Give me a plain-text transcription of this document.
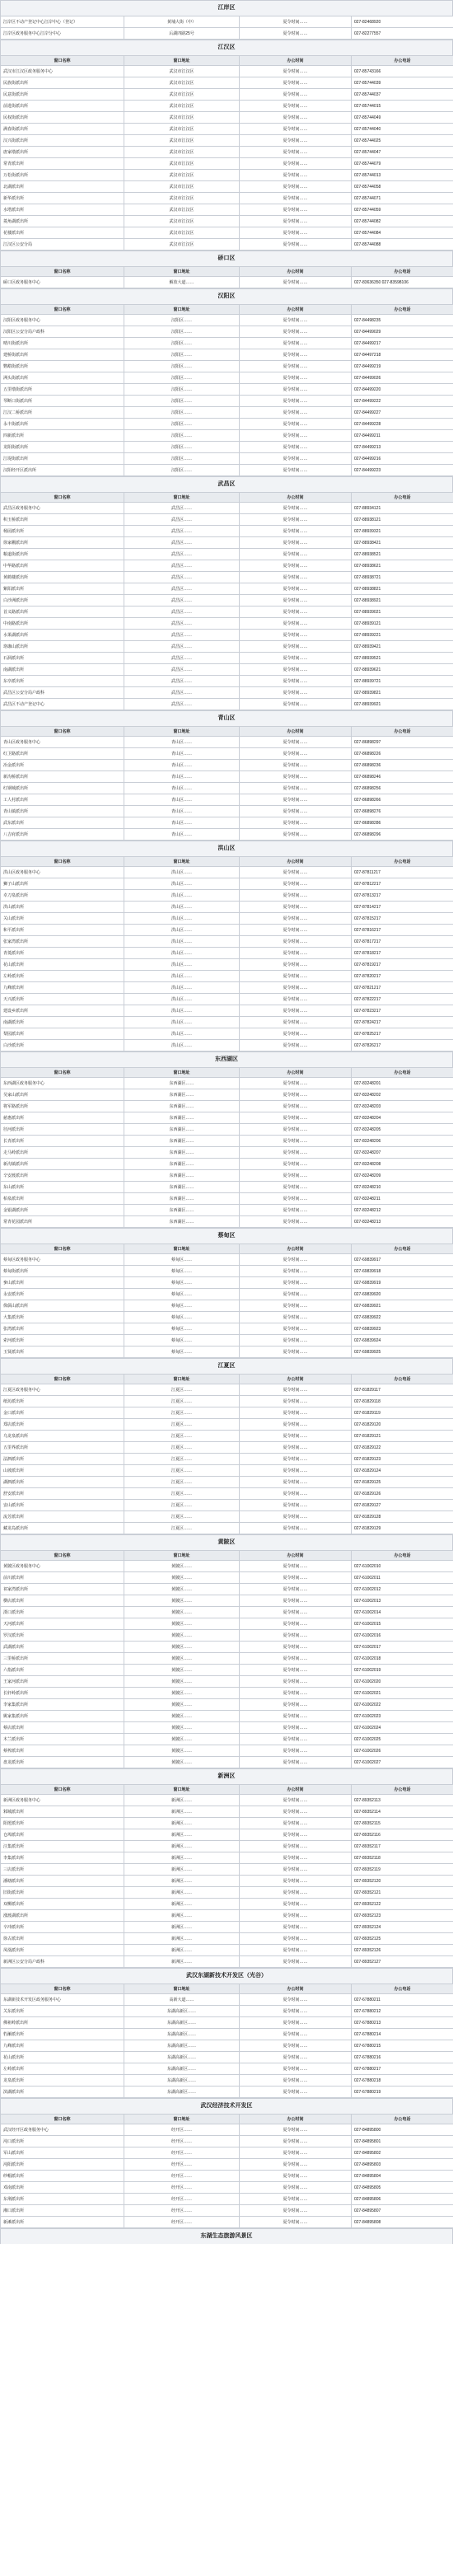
江岸区
江岸区不动产登记中心江岸中心（登记）	黄埔大街（中）	夏令时间……	027-82468920
江岸区政务服务中心江岸分中心	后湖四路25号	夏令时间……	027-82277557
江汉区
窗口名称	窗口地址	办公时间	办公电话
武汉市江汉区政务服务中心	武汉市江汉区	夏令时间……	027-85743166
民族街派出所	武汉市江汉区	夏令时间……	027-85744039
民意街派出所	武汉市江汉区	夏令时间……	027-85744037
前进街派出所	武汉市江汉区	夏令时间……	027-85744015
民权街派出所	武汉市江汉区	夏令时间……	027-85744049
满春街派出所	武汉市江汉区	夏令时间……	027-85744040
汉兴街派出所	武汉市江汉区	夏令时间……	027-85744025
唐家墩派出所	武汉市江汉区	夏令时间……	027-85744047
常青派出所	武汉市江汉区	夏令时间……	027-85744079
万松街派出所	武汉市江汉区	夏令时间……	027-85744013
北湖派出所	武汉市江汉区	夏令时间……	027-85744058
新华派出所	武汉市江汉区	夏令时间……	027-85744071
水塔派出所	武汉市江汉区	夏令时间……	027-85744059
菱角湖派出所	武汉市江汉区	夏令时间……	027-85744082
花楼派出所	武汉市江汉区	夏令时间……	027-85744084
江汉区公安分局	武汉市江汉区	夏令时间……	027-85744088
硚口区
窗口名称	窗口地址	办公时间	办公电话
硚口区政务服务中心	解放大道……	夏令时间……	027-83636350 027-83598106
汉阳区
窗口名称	窗口地址	办公时间	办公电话
汉阳区政务服务中心	汉阳区……	夏令时间……	027-84498235
汉阳区公安分局户政科	汉阳区……	夏令时间……	027-84499029
晴川街派出所	汉阳区……	夏令时间……	027-84499217
建桥街派出所	汉阳区……	夏令时间……	027-84497218
鹦鹉街派出所	汉阳区……	夏令时间……	027-84499219
洲头街派出所	汉阳区……	夏令时间……	027-84499026
五里墩街派出所	汉阳区……	夏令时间……	027-84499220
琴断口街派出所	汉阳区……	夏令时间……	027-84499222
江汉二桥派出所	汉阳区……	夏令时间……	027-84499227
永丰街派出所	汉阳区……	夏令时间……	027-84499228
四新派出所	汉阳区……	夏令时间……	027-84499211
龙阳街派出所	汉阳区……	夏令时间……	027-84499213
江堤街派出所	汉阳区……	夏令时间……	027-84499216
汉阳经开区派出所	汉阳区……	夏令时间……	027-84499223
武昌区
窗口名称	窗口地址	办公时间	办公电话
武昌区政务服务中心	武昌区……	夏令时间……	027-88934121
积玉桥派出所	武昌区……	夏令时间……	027-88938121
杨园派出所	武昌区……	夏令时间……	027-88939321
徐家棚派出所	武昌区……	夏令时间……	027-88938421
粮道街派出所	武昌区……	夏令时间……	027-88938521
中华路派出所	武昌区……	夏令时间……	027-88938621
黄鹤楼派出所	武昌区……	夏令时间……	027-88938721
紫阳派出所	武昌区……	夏令时间……	027-88938821
白沙洲派出所	武昌区……	夏令时间……	027-88938921
首义路派出所	武昌区……	夏令时间……	027-88939021
中南路派出所	武昌区……	夏令时间……	027-88939121
水果湖派出所	武昌区……	夏令时间……	027-88939221
珞珈山派出所	武昌区……	夏令时间……	027-88939421
石洞派出所	武昌区……	夏令时间……	027-88939521
南湖派出所	武昌区……	夏令时间……	027-88939621
东亭派出所	武昌区……	夏令时间……	027-88939721
武昌区公安分局户政科	武昌区……	夏令时间……	027-88939821
武昌区不动产登记中心	武昌区……	夏令时间……	027-88939921
青山区
窗口名称	窗口地址	办公时间	办公电话
青山区政务服务中心	青山区……	夏令时间……	027-86898297
红卫路派出所	青山区……	夏令时间……	027-86898226
冶金派出所	青山区……	夏令时间……	027-86898236
新沟桥派出所	青山区……	夏令时间……	027-86898246
红钢城派出所	青山区……	夏令时间……	027-86898256
工人村派出所	青山区……	夏令时间……	027-86898266
青山镇派出所	青山区……	夏令时间……	027-86898276
武东派出所	青山区……	夏令时间……	027-86898286
八吉府派出所	青山区……	夏令时间……	027-86898296
洪山区
窗口名称	窗口地址	办公时间	办公电话
洪山区政务服务中心	洪山区……	夏令时间……	027-87811217
狮子山派出所	洪山区……	夏令时间……	027-87812217
卓刀泉派出所	洪山区……	夏令时间……	027-87813217
洪山派出所	洪山区……	夏令时间……	027-87814217
关山派出所	洪山区……	夏令时间……	027-87815217
和平派出所	洪山区……	夏令时间……	027-87816217
张家湾派出所	洪山区……	夏令时间……	027-87817217
青菱派出所	洪山区……	夏令时间……	027-87818217
花山派出所	洪山区……	夏令时间……	027-87819217
左岭派出所	洪山区……	夏令时间……	027-87820217
九峰派出所	洪山区……	夏令时间……	027-87821217
天兴派出所	洪山区……	夏令时间……	027-87822217
建设乡派出所	洪山区……	夏令时间……	027-87823217
南湖派出所	洪山区……	夏令时间……	027-87824217
梨园派出所	洪山区……	夏令时间……	027-87825217
白沙派出所	洪山区……	夏令时间……	027-87826217
东西湖区
窗口名称	窗口地址	办公时间	办公电话
东西湖区政务服务中心	东西湖区……	夏令时间……	027-83248201
吴家山派出所	东西湖区……	夏令时间……	027-83248202
将军路派出所	东西湖区……	夏令时间……	027-83248203
慈惠派出所	东西湖区……	夏令时间……	027-83248204
径河派出所	东西湖区……	夏令时间……	027-83248205
长青派出所	东西湖区……	夏令时间……	027-83248206
走马岭派出所	东西湖区……	夏令时间……	027-83248207
新沟镇派出所	东西湖区……	夏令时间……	027-83248208
辛安渡派出所	东西湖区……	夏令时间……	027-83248209
东山派出所	东西湖区……	夏令时间……	027-83248210
柏泉派出所	东西湖区……	夏令时间……	027-83248211
金银湖派出所	东西湖区……	夏令时间……	027-83248212
常青花园派出所	东西湖区……	夏令时间……	027-83248213
蔡甸区
窗口名称	窗口地址	办公时间	办公电话
蔡甸区政务服务中心	蔡甸区……	夏令时间……	027-69839917
蔡甸街派出所	蔡甸区……	夏令时间……	027-69839918
奓山派出所	蔡甸区……	夏令时间……	027-69839919
永安派出所	蔡甸区……	夏令时间……	027-69839920
侏儒山派出所	蔡甸区……	夏令时间……	027-69839921
大集派出所	蔡甸区……	夏令时间……	027-69839922
张湾派出所	蔡甸区……	夏令时间……	027-69839923
索河派出所	蔡甸区……	夏令时间……	027-69839924
玉贤派出所	蔡甸区……	夏令时间……	027-69839925
江夏区
窗口名称	窗口地址	办公时间	办公电话
江夏区政务服务中心	江夏区……	夏令时间……	027-81829117
纸坊派出所	江夏区……	夏令时间……	027-81829118
金口派出所	江夏区……	夏令时间……	027-81829119
郑店派出所	江夏区……	夏令时间……	027-81829120
乌龙泉派出所	江夏区……	夏令时间……	027-81829121
五里界派出所	江夏区……	夏令时间……	027-81829122
法泗派出所	江夏区……	夏令时间……	027-81829123
山坡派出所	江夏区……	夏令时间……	027-81829124
湖泗派出所	江夏区……	夏令时间……	027-81829125
舒安派出所	江夏区……	夏令时间……	027-81829126
安山派出所	江夏区……	夏令时间……	027-81829127
流芳派出所	江夏区……	夏令时间……	027-81829128
藏龙岛派出所	江夏区……	夏令时间……	027-81829129
黄陂区
窗口名称	窗口地址	办公时间	办公电话
黄陂区政务服务中心	黄陂区……	夏令时间……	027-61002010
前川派出所	黄陂区……	夏令时间……	027-61002011
祁家湾派出所	黄陂区……	夏令时间……	027-61002012
横店派出所	黄陂区……	夏令时间……	027-61002013
滠口派出所	黄陂区……	夏令时间……	027-61002014
天河派出所	黄陂区……	夏令时间……	027-61002015
罗汉派出所	黄陂区……	夏令时间……	027-61002016
武湖派出所	黄陂区……	夏令时间……	027-61002017
三里桥派出所	黄陂区……	夏令时间……	027-61002018
六指派出所	黄陂区……	夏令时间……	027-61002019
王家河派出所	黄陂区……	夏令时间……	027-61002020
长轩岭派出所	黄陂区……	夏令时间……	027-61002021
李家集派出所	黄陂区……	夏令时间……	027-61002022
姚家集派出所	黄陂区……	夏令时间……	027-61002023
蔡店派出所	黄陂区……	夏令时间……	027-61002024
木兰派出所	黄陂区……	夏令时间……	027-61002025
蔡榨派出所	黄陂区……	夏令时间……	027-61002026
盘龙派出所	黄陂区……	夏令时间……	027-61002027
新洲区
窗口名称	窗口地址	办公时间	办公电话
新洲区政务服务中心	新洲区……	夏令时间……	027-89352113
邾城派出所	新洲区……	夏令时间……	027-89352114
阳逻派出所	新洲区……	夏令时间……	027-89352115
仓埠派出所	新洲区……	夏令时间……	027-89352116
汪集派出所	新洲区……	夏令时间……	027-89352117
李集派出所	新洲区……	夏令时间……	027-89352118
三店派出所	新洲区……	夏令时间……	027-89352119
潘塘派出所	新洲区……	夏令时间……	027-89352120
旧街派出所	新洲区……	夏令时间……	027-89352121
双柳派出所	新洲区……	夏令时间……	027-89352122
涨渡湖派出所	新洲区……	夏令时间……	027-89352123
辛冲派出所	新洲区……	夏令时间……	027-89352124
徐古派出所	新洲区……	夏令时间……	027-89352125
凤凰派出所	新洲区……	夏令时间……	027-89352126
新洲区公安分局户政科	新洲区……	夏令时间……	027-89352127
武汉东湖新技术开发区（光谷）
窗口名称	窗口地址	办公时间	办公电话
东湖新技术开发区政务服务中心	高新大道……	夏令时间……	027-67880211
关东派出所	东湖高新区……	夏令时间……	027-67880212
佛祖岭派出所	东湖高新区……	夏令时间……	027-67880213
豹澥派出所	东湖高新区……	夏令时间……	027-67880214
九峰派出所	东湖高新区……	夏令时间……	027-67880215
花山派出所	东湖高新区……	夏令时间……	027-67880216
左岭派出所	东湖高新区……	夏令时间……	027-67880217
龙泉派出所	东湖高新区……	夏令时间……	027-67880218
滨湖派出所	东湖高新区……	夏令时间……	027-67880219
武汉经济技术开发区
窗口名称	窗口地址	办公时间	办公电话
武汉经开区政务服务中心	经开区……	夏令时间……	027-84895800
沌口派出所	经开区……	夏令时间……	027-84895801
军山派出所	经开区……	夏令时间……	027-84895802
沌阳派出所	经开区……	夏令时间……	027-84895803
纱帽派出所	经开区……	夏令时间……	027-84895804
邓南派出所	经开区……	夏令时间……	027-84895805
东荆派出所	经开区……	夏令时间……	027-84895806
湘口派出所	经开区……	夏令时间……	027-84895807
新滩派出所	经开区……	夏令时间……	027-84895808
东湖生态旅游风景区
